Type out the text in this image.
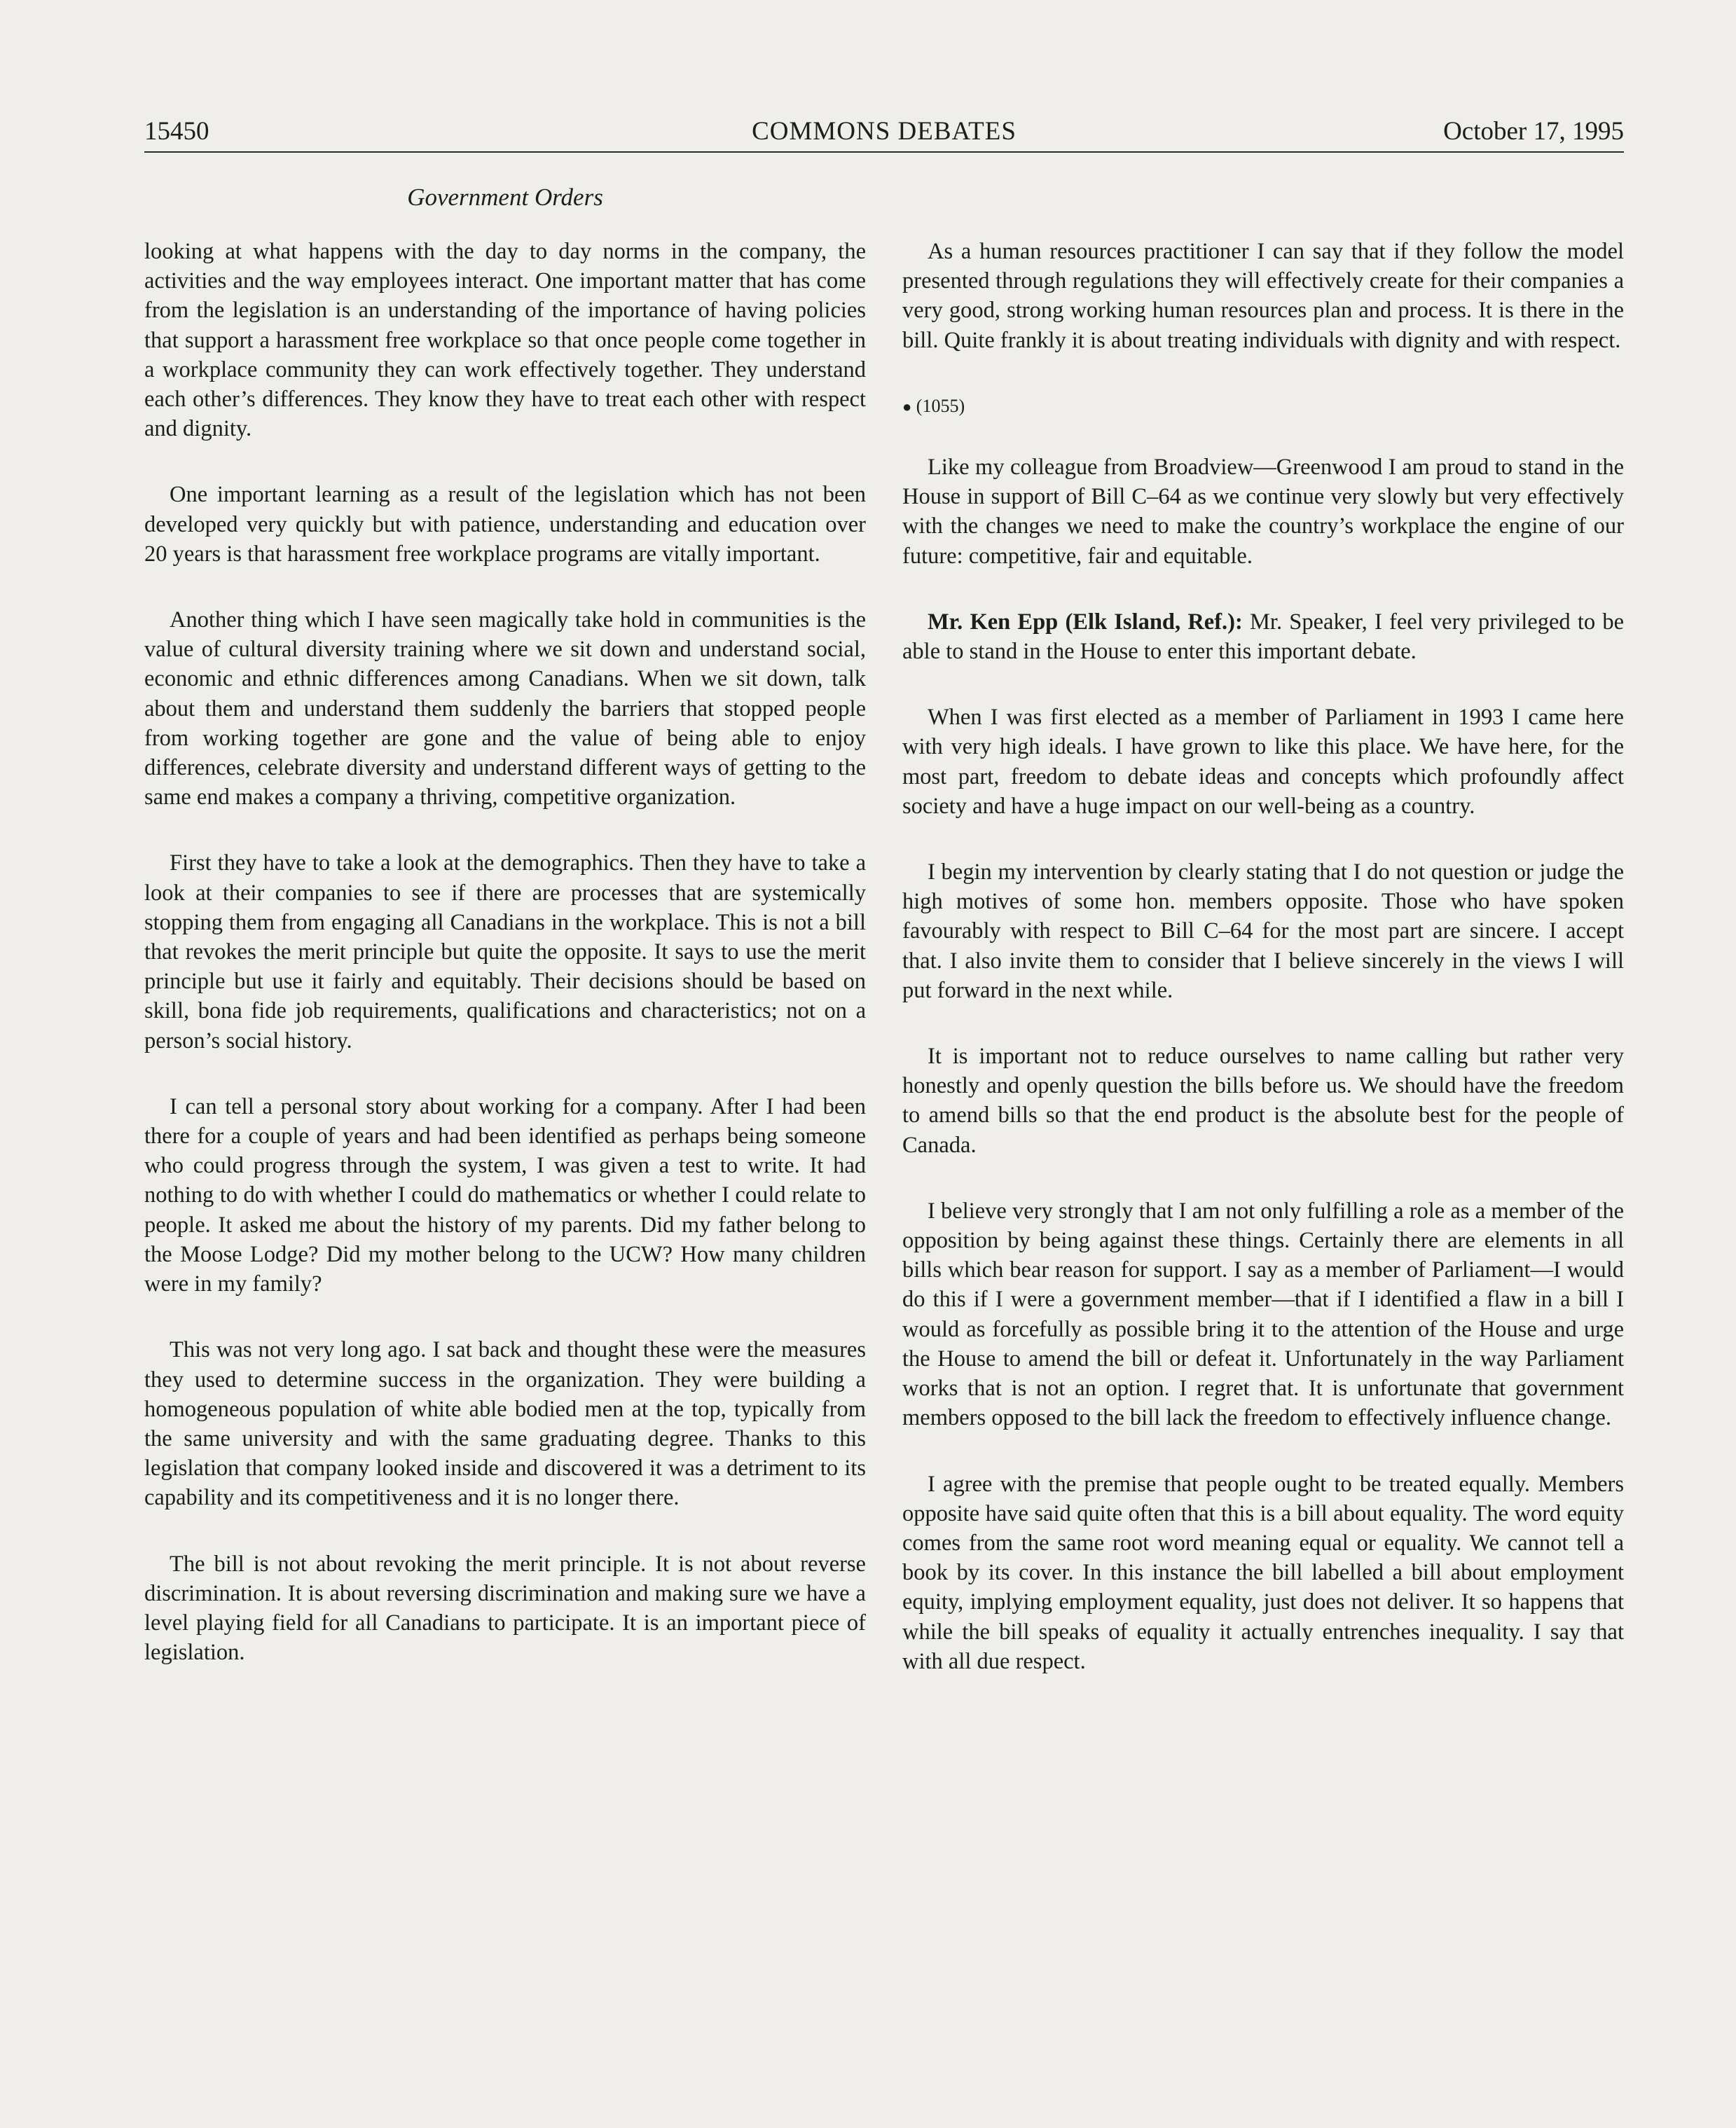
15450	COMMONS DEBATES	October 17, 1995
Government Orders

looking at what happens with the day to day norms in the company, the activities and the way employees interact. One important matter that has come from the legislation is an understanding of the importance of having policies that support a harassment free workplace so that once people come together in a workplace community they can work effectively together. They understand each other’s differences. They know they have to treat each other with respect and dignity.

One important learning as a result of the legislation which has not been developed very quickly but with patience, understanding and education over 20 years is that harassment free workplace programs are vitally important.

Another thing which I have seen magically take hold in communities is the value of cultural diversity training where we sit down and understand social, economic and ethnic differences among Canadians. When we sit down, talk about them and understand them suddenly the barriers that stopped people from working together are gone and the value of being able to enjoy differences, celebrate diversity and understand different ways of getting to the same end makes a company a thriving, competitive organization.

First they have to take a look at the demographics. Then they have to take a look at their companies to see if there are processes that are systemically stopping them from engaging all Canadians in the workplace. This is not a bill that revokes the merit principle but quite the opposite. It says to use the merit principle but use it fairly and equitably. Their decisions should be based on skill, bona fide job requirements, qualifications and characteristics; not on a person’s social history.

I can tell a personal story about working for a company. After I had been there for a couple of years and had been identified as perhaps being someone who could progress through the system, I was given a test to write. It had nothing to do with whether I could do mathematics or whether I could relate to people. It asked me about the history of my parents. Did my father belong to the Moose Lodge? Did my mother belong to the UCW? How many children were in my family?

This was not very long ago. I sat back and thought these were the measures they used to determine success in the organization. They were building a homogeneous population of white able bodied men at the top, typically from the same university and with the same graduating degree. Thanks to this legislation that company looked inside and discovered it was a detriment to its capability and its competitiveness and it is no longer there.

The bill is not about revoking the merit principle. It is not about reverse discrimination. It is about reversing discrimination and making sure we have a level playing field for all Canadians to participate. It is an important piece of legislation.

As a human resources practitioner I can say that if they follow the model presented through regulations they will effectively create for their companies a very good, strong working human resources plan and process. It is there in the bill. Quite frankly it is about treating individuals with dignity and with respect.

● (1055)

Like my colleague from Broadview—Greenwood I am proud to stand in the House in support of Bill C–64 as we continue very slowly but very effectively with the changes we need to make the country’s workplace the engine of our future: competitive, fair and equitable.

Mr. Ken Epp (Elk Island, Ref.): Mr. Speaker, I feel very privileged to be able to stand in the House to enter this important debate.

When I was first elected as a member of Parliament in 1993 I came here with very high ideals. I have grown to like this place. We have here, for the most part, freedom to debate ideas and concepts which profoundly affect society and have a huge impact on our well-being as a country.

I begin my intervention by clearly stating that I do not question or judge the high motives of some hon. members opposite. Those who have spoken favourably with respect to Bill C–64 for the most part are sincere. I accept that. I also invite them to consider that I believe sincerely in the views I will put forward in the next while.

It is important not to reduce ourselves to name calling but rather very honestly and openly question the bills before us. We should have the freedom to amend bills so that the end product is the absolute best for the people of Canada.

I believe very strongly that I am not only fulfilling a role as a member of the opposition by being against these things. Certainly there are elements in all bills which bear reason for support. I say as a member of Parliament—I would do this if I were a government member—that if I identified a flaw in a bill I would as forcefully as possible bring it to the attention of the House and urge the House to amend the bill or defeat it. Unfortunately in the way Parliament works that is not an option. I regret that. It is unfortunate that government members opposed to the bill lack the freedom to effectively influence change.

I agree with the premise that people ought to be treated equally. Members opposite have said quite often that this is a bill about equality. The word equity comes from the same root word meaning equal or equality. We cannot tell a book by its cover. In this instance the bill labelled a bill about employment equity, implying employment equality, just does not deliver. It so happens that while the bill speaks of equality it actually entrenches inequality. I say that with all due respect.
